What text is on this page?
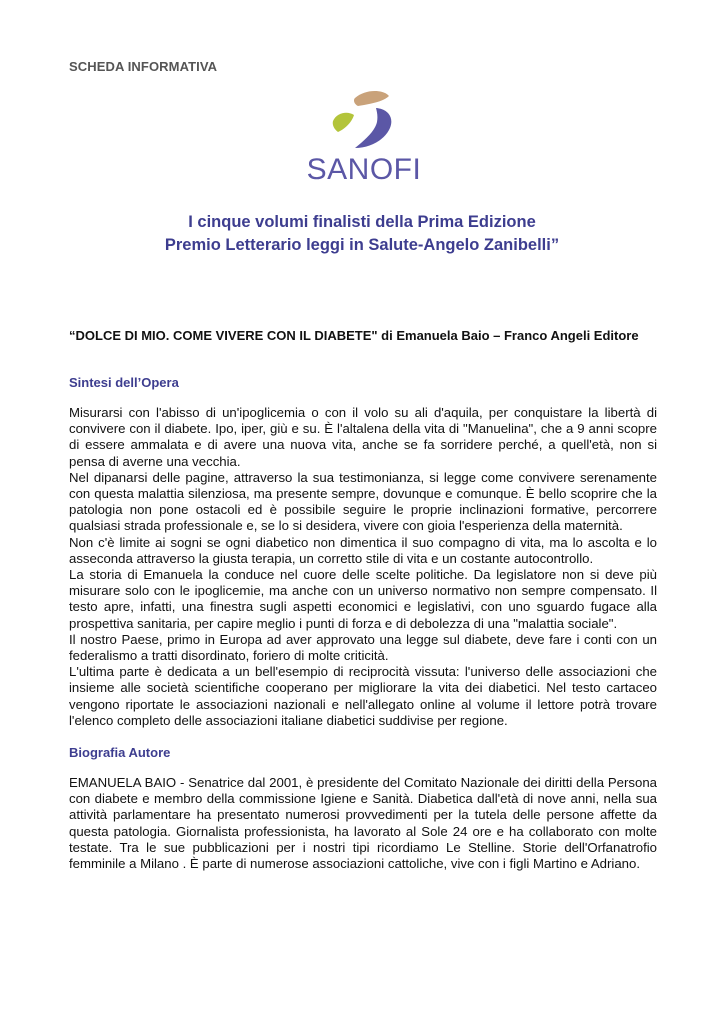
SCHEDA INFORMATIVA
SANOFI
I cinque volumi finalisti della Prima Edizione
Premio Letterario leggi in Salute-Angelo Zanibelli”
“DOLCE DI MIO. COME VIVERE CON IL DIABETE" di Emanuela Baio – Franco Angeli Editore
Sintesi dell’Opera

Misurarsi con l'abisso di un'ipoglicemia o con il volo su ali d'aquila, per conquistare la libertà di convivere con il diabete. Ipo, iper, giù e su. È l'altalena della vita di "Manuelina", che a 9 anni scopre di essere ammalata e di avere una nuova vita, anche se fa sorridere perché, a quell'età, non si pensa di averne una vecchia.

Nel dipanarsi delle pagine, attraverso la sua testimonianza, si legge come convivere serenamente con questa malattia silenziosa, ma presente sempre, dovunque e comunque. È bello scoprire che la patologia non pone ostacoli ed è possibile seguire le proprie inclinazioni formative, percorrere qualsiasi strada professionale e, se lo si desidera, vivere con gioia l'esperienza della maternità.

Non c'è limite ai sogni se ogni diabetico non dimentica il suo compagno di vita, ma lo ascolta e lo asseconda attraverso la giusta terapia, un corretto stile di vita e un costante autocontrollo.

La storia di Emanuela la conduce nel cuore delle scelte politiche. Da legislatore non si deve più misurare solo con le ipoglicemie, ma anche con un universo normativo non sempre compensato. Il testo apre, infatti, una finestra sugli aspetti economici e legislativi, con uno sguardo fugace alla prospettiva sanitaria, per capire meglio i punti di forza e di debolezza di una "malattia sociale".

Il nostro Paese, primo in Europa ad aver approvato una legge sul diabete, deve fare i conti con un federalismo a tratti disordinato, foriero di molte criticità.

L'ultima parte è dedicata a un bell'esempio di reciprocità vissuta: l'universo delle associazioni che insieme alle società scientifiche cooperano per migliorare la vita dei diabetici. Nel testo cartaceo vengono riportate le associazioni nazionali e nell'allegato online al volume il lettore potrà trovare l'elenco completo delle associazioni italiane diabetici suddivise per regione.

Biografia Autore

EMANUELA BAIO - Senatrice dal 2001, è presidente del Comitato Nazionale dei diritti della Persona con diabete e membro della commissione Igiene e Sanità. Diabetica dall'età di nove anni, nella sua attività parlamentare ha presentato numerosi provvedimenti per la tutela delle persone affette da questa patologia. Giornalista professionista, ha lavorato al Sole 24 ore e ha collaborato con molte testate. Tra le sue pubblicazioni per i nostri tipi ricordiamo Le Stelline. Storie dell'Orfanatrofio femminile a Milano . È parte di numerose associazioni cattoliche, vive con i figli Martino e Adriano.
